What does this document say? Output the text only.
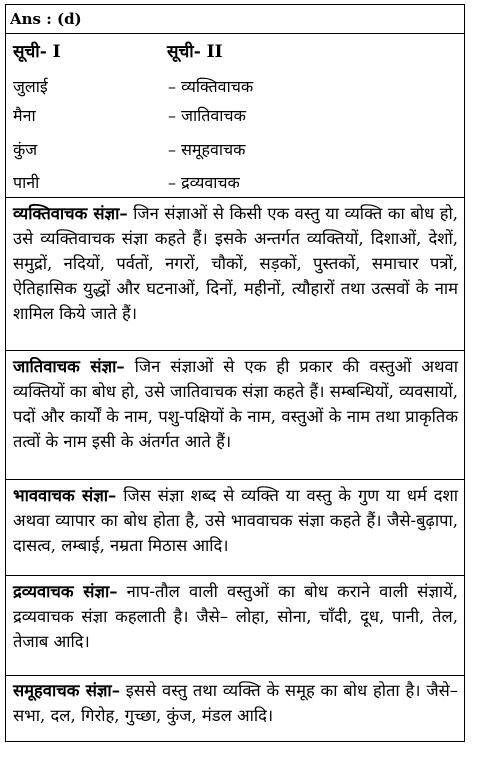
Ans : (d)
सूची- I	सूची- II
जुलाई	– व्यक्तिवाचक
मैना	– जातिवाचक
कुंज	– समूहवाचक
पानी	– द्रव्यवाचक
व्यक्तिवाचक संज्ञा– जिन संज्ञाओं से किसी एक वस्तु या व्यक्ति का बोध हो, उसे व्यक्तिवाचक संज्ञा कहते हैं। इसके अन्तर्गत व्यक्तियों, दिशाओं, देशों, समुद्रों, नदियों, पर्वतों, नगरों, चौकों, सड़कों, पुस्तकों, समाचार पत्रों, ऐतिहासिक युद्धों और घटनाओं, दिनों, महीनों, त्यौहारों तथा उत्सवों के नाम शामिल किये जाते हैं।
जातिवाचक संज्ञा– जिन संज्ञाओं से एक ही प्रकार की वस्तुओं अथवा व्यक्तियों का बोध हो, उसे जातिवाचक संज्ञा कहते हैं। सम्बन्धियों, व्यवसायों, पदों और कार्यों के नाम, पशु-पक्षियों के नाम, वस्तुओं के नाम तथा प्राकृतिक तत्वों के नाम इसी के अंतर्गत आते हैं।
भाववाचक संज्ञा– जिस संज्ञा शब्द से व्यक्ति या वस्तु के गुण या धर्म दशा अथवा व्यापार का बोध होता है, उसे भाववाचक संज्ञा कहते हैं। जैसे-बुढ़ापा, दासत्व, लम्बाई, नम्रता मिठास आदि।
द्रव्यवाचक संज्ञा– नाप-तौल वाली वस्तुओं का बोध कराने वाली संज्ञायें, द्रव्यवाचक संज्ञा कहलाती है। जैसे– लोहा, सोना, चाँदी, दूध, पानी, तेल, तेजाब आदि।
समूहवाचक संज्ञा– इससे वस्तु तथा व्यक्ति के समूह का बोध होता है। जैसे– सभा, दल, गिरोह, गुच्छा, कुंज, मंडल आदि।
